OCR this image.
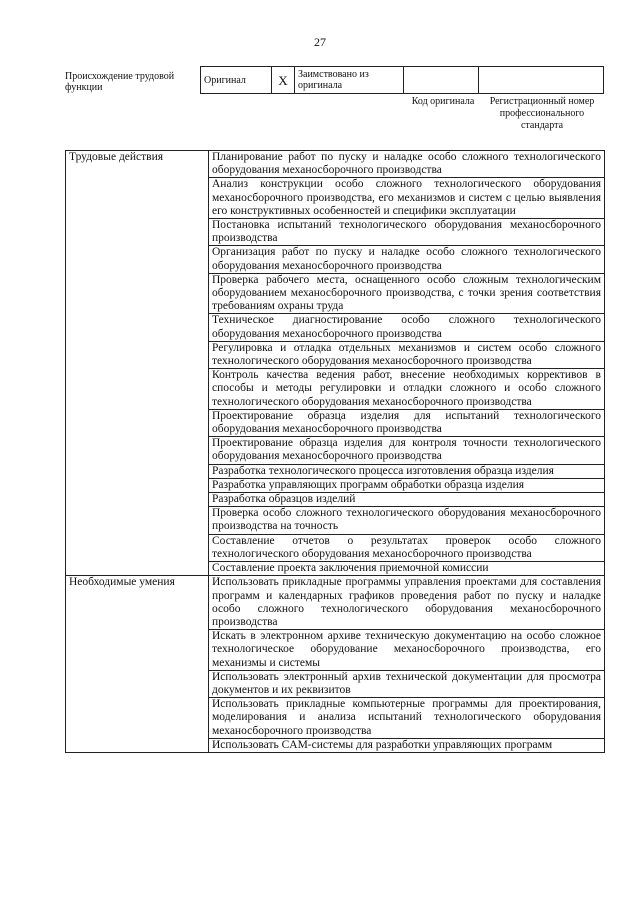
27
Происхождение трудовой функции
Оригинал	X	Заимствовано из оригинала		
Код оригинала	Регистрационный номер профессионального стандарта
Трудовые действия	Планирование работ по пуску и наладке особо сложного технологического оборудования механосборочного производства
	Анализ конструкции особо сложного технологического оборудования механосборочного производства, его механизмов и систем с целью выявления его конструктивных особенностей и специфики эксплуатации
	Постановка испытаний технологического оборудования механосборочного производства
	Организация работ по пуску и наладке особо сложного технологического оборудования механосборочного производства
	Проверка рабочего места, оснащенного особо сложным технологическим оборудованием механосборочного производства, с точки зрения соответствия требованиям охраны труда
	Техническое диагностирование особо сложного технологического оборудования механосборочного производства
	Регулировка и отладка отдельных механизмов и систем особо сложного технологического оборудования механосборочного производства
	Контроль качества ведения работ, внесение необходимых коррективов в способы и методы регулировки и отладки сложного и особо сложного технологического оборудования механосборочного производства
	Проектирование образца изделия для испытаний технологического оборудования механосборочного производства
	Проектирование образца изделия для контроля точности технологического оборудования механосборочного производства
	Разработка технологического процесса изготовления образца изделия
	Разработка управляющих программ обработки образца изделия
	Разработка образцов изделий
	Проверка особо сложного технологического оборудования механосборочного производства на точность
	Составление отчетов о результатах проверок особо сложного технологического оборудования механосборочного производства
	Составление проекта заключения приемочной комиссии
Необходимые умения	Использовать прикладные программы управления проектами для составления программ и календарных графиков проведения работ по пуску и наладке особо сложного технологического оборудования механосборочного производства
	Искать в электронном архиве техническую документацию на особо сложное технологическое оборудование механосборочного производства, его механизмы и системы
	Использовать электронный архив технической документации для просмотра документов и их реквизитов
	Использовать прикладные компьютерные программы для проектирования, моделирования и анализа испытаний технологического оборудования механосборочного производства
	Использовать CAM-системы для разработки управляющих программ
